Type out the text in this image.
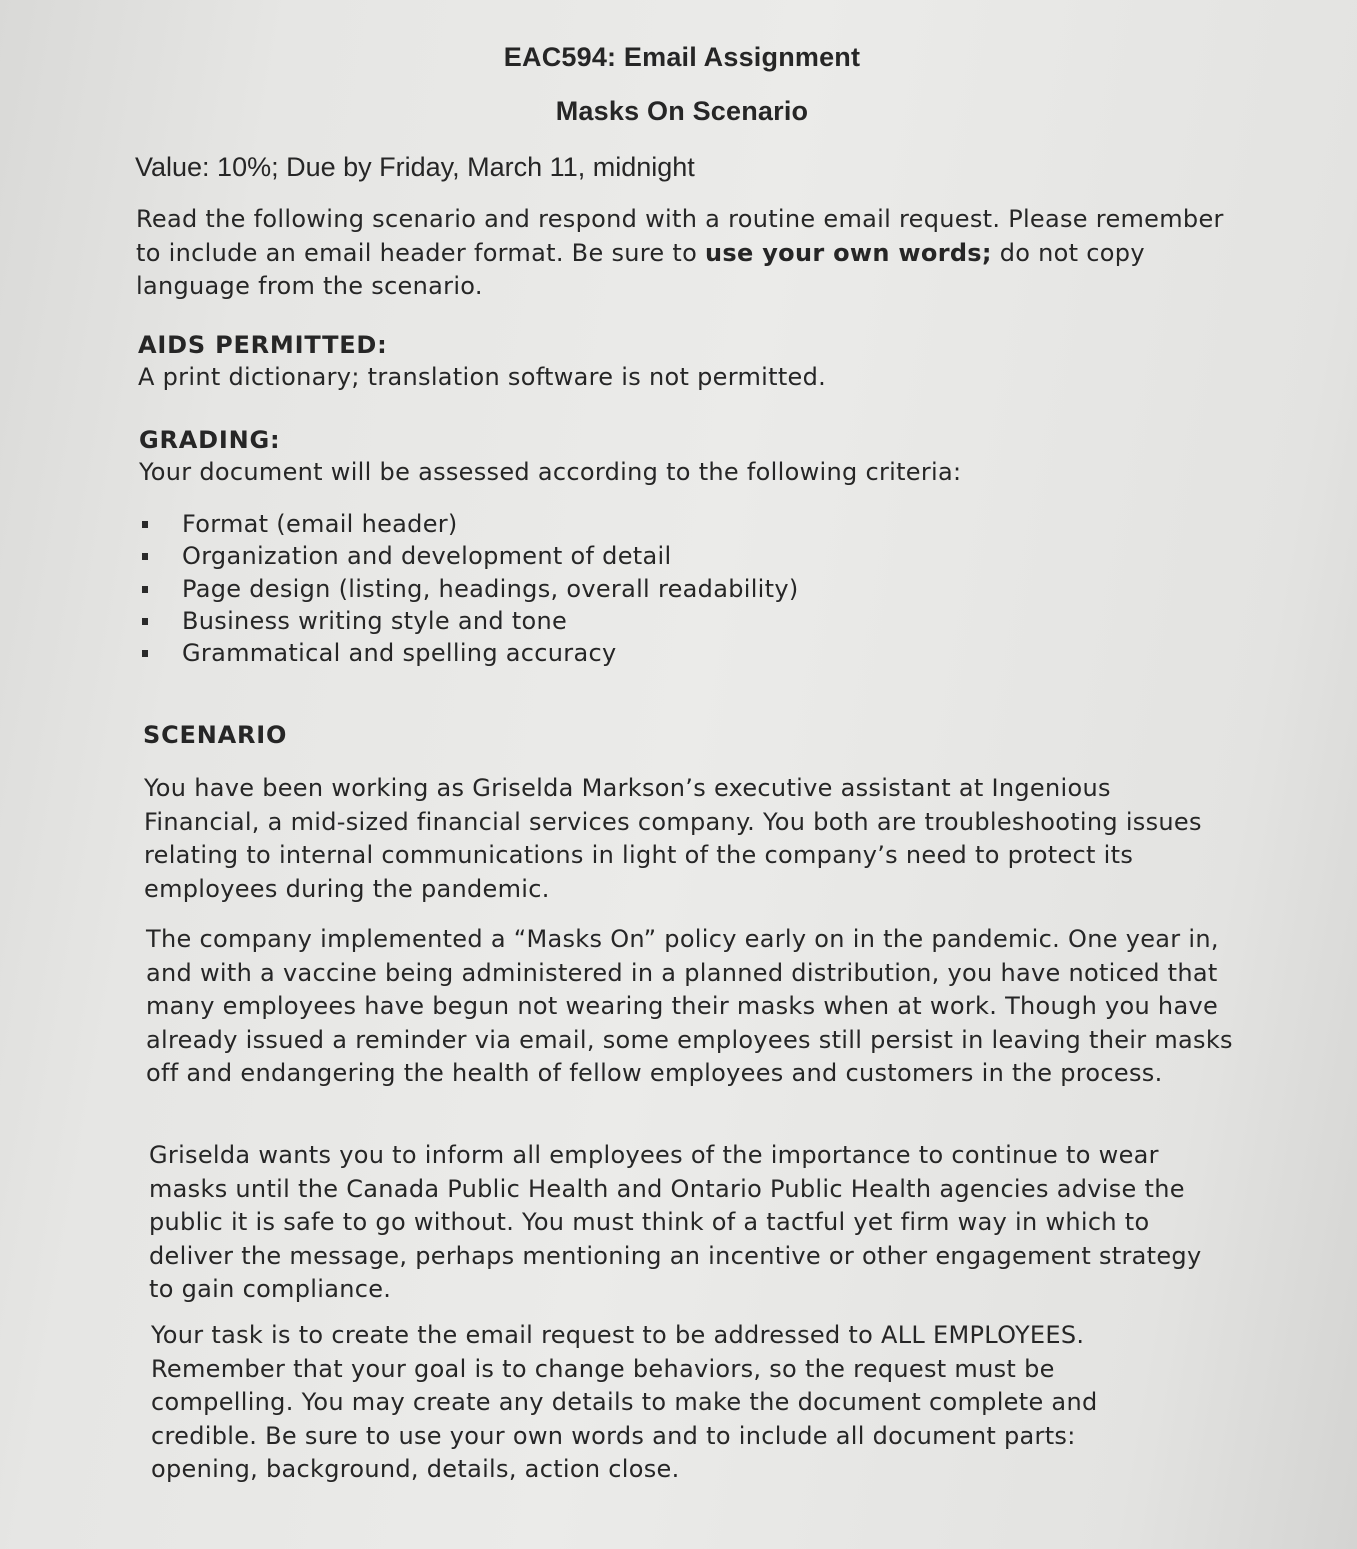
EAC594: Email Assignment
Masks On Scenario
Value: 10%; Due by Friday, March 11, midnight
Read the following scenario and respond with a routine email request. Please remember to include an email header format. Be sure to use your own words; do not copy language from the scenario.
AIDS PERMITTED:
A print dictionary; translation software is not permitted.
GRADING:
Your document will be assessed according to the following criteria:
Format (email header)
Organization and development of detail
Page design (listing, headings, overall readability)
Business writing style and tone
Grammatical and spelling accuracy
SCENARIO
You have been working as Griselda Markson’s executive assistant at Ingenious Financial, a mid-sized financial services company. You both are troubleshooting issues relating to internal communications in light of the company’s need to protect its employees during the pandemic.
The company implemented a “Masks On” policy early on in the pandemic. One year in, and with a vaccine being administered in a planned distribution, you have noticed that many employees have begun not wearing their masks when at work. Though you have already issued a reminder via email, some employees still persist in leaving their masks off and endangering the health of fellow employees and customers in the process.
Griselda wants you to inform all employees of the importance to continue to wear masks until the Canada Public Health and Ontario Public Health agencies advise the public it is safe to go without. You must think of a tactful yet firm way in which to deliver the message, perhaps mentioning an incentive or other engagement strategy to gain compliance.
Your task is to create the email request to be addressed to ALL EMPLOYEES. Remember that your goal is to change behaviors, so the request must be compelling. You may create any details to make the document complete and credible. Be sure to use your own words and to include all document parts: opening, background, details, action close.
